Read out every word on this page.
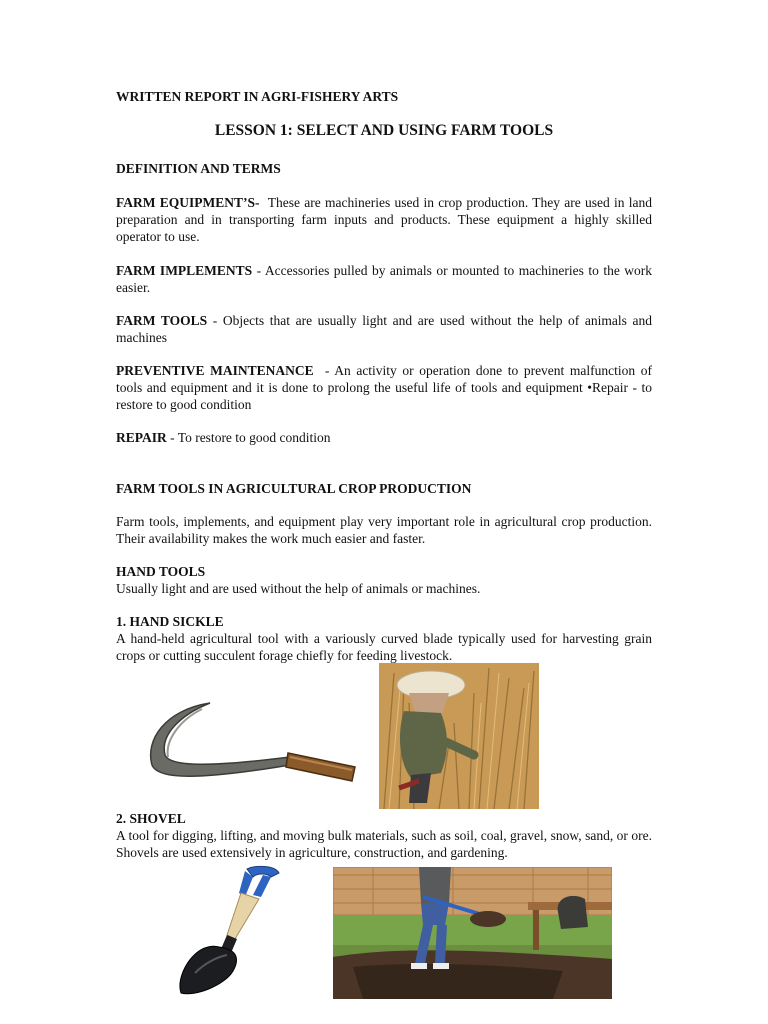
WRITTEN REPORT IN AGRI-FISHERY ARTS
LESSON 1: SELECT AND USING FARM TOOLS
DEFINITION AND TERMS
FARM EQUIPMENT’S- These are machineries used in crop production. They are used in land preparation and in transporting farm inputs and products. These equipment a highly skilled operator to use.
FARM IMPLEMENTS - Accessories pulled by animals or mounted to machineries to the work easier.
FARM TOOLS - Objects that are usually light and are used without the help of animals and machines
PREVENTIVE MAINTENANCE - An activity or operation done to prevent malfunction of tools and equipment and it is done to prolong the useful life of tools and equipment •Repair - to restore to good condition
REPAIR - To restore to good condition
FARM TOOLS IN AGRICULTURAL CROP PRODUCTION
Farm tools, implements, and equipment play very important role in agricultural crop production. Their availability makes the work much easier and faster.
HAND TOOLS
Usually light and are used without the help of animals or machines.
1. HAND SICKLE
A hand-held agricultural tool with a variously curved blade typically used for harvesting grain crops or cutting succulent forage chiefly for feeding livestock.
2. SHOVEL
A tool for digging, lifting, and moving bulk materials, such as soil, coal, gravel, snow, sand, or ore. Shovels are used extensively in agriculture, construction, and gardening.
